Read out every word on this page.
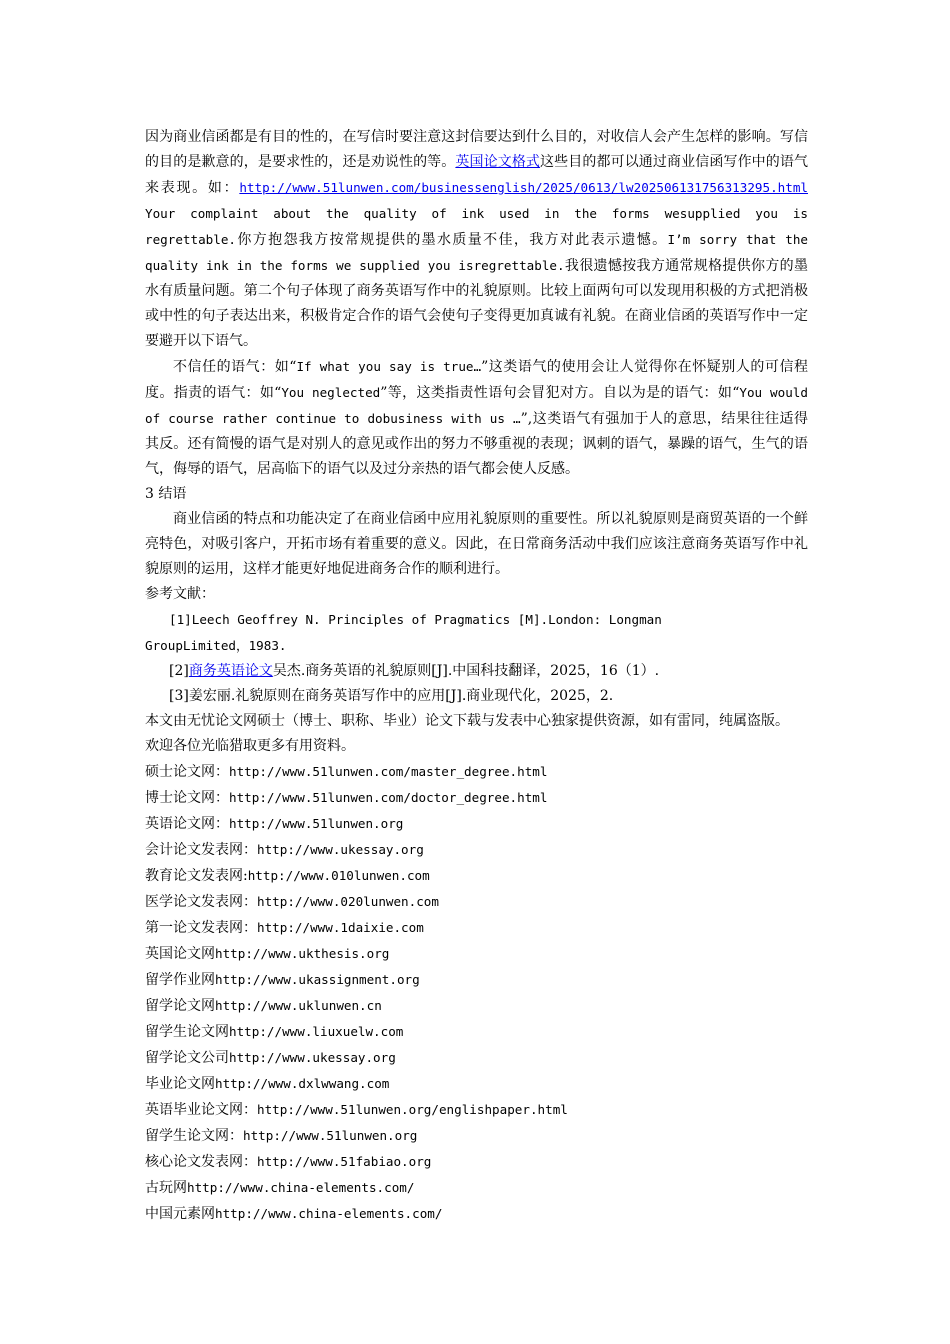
因为商业信函都是有目的性的，在写信时要注意这封信要达到什么目的，对收信人会产生怎样的影响。写信的目的是歉意的，是要求性的，还是劝说性的等。英国论文格式这些目的都可以通过商业信函写作中的语气来表现。如：http://www.51lunwen.com/businessenglish/2025/0613/lw202506131756313295.html Your complaint about the quality of ink used in the forms wesupplied you is regrettable.你方抱怨我方按常规提供的墨水质量不佳，我方对此表示遗憾。I’m sorry that the quality ink in the forms we supplied you isregrettable.我很遗憾按我方通常规格提供你方的墨水有质量问题。第二个句子体现了商务英语写作中的礼貌原则。比较上面两句可以发现用积极的方式把消极或中性的句子表达出来，积极肯定合作的语气会使句子变得更加真诚有礼貌。在商业信函的英语写作中一定要避开以下语气。

不信任的语气：如“If what you say is true…”这类语气的使用会让人觉得你在怀疑别人的可信程度。指责的语气：如“You neglected”等，这类指责性语句会冒犯对方。自以为是的语气：如“You would of course rather continue to dobusiness with us …”,这类语气有强加于人的意思，结果往往适得其反。还有简慢的语气是对别人的意见或作出的努力不够重视的表现；讽刺的语气，暴躁的语气，生气的语气，侮辱的语气，居高临下的语气以及过分亲热的语气都会使人反感。

3 结语

商业信函的特点和功能决定了在商业信函中应用礼貌原则的重要性。所以礼貌原则是商贸英语的一个鲜亮特色，对吸引客户，开拓市场有着重要的意义。因此，在日常商务活动中我们应该注意商务英语写作中礼貌原则的运用，这样才能更好地促进商务合作的顺利进行。

参考文献：

[1]Leech Geoffrey N. Principles of Pragmatics [M].London: Longman

GroupLimited，1983.

[2]商务英语论文吴杰.商务英语的礼貌原则[J].中国科技翻译，2025，16（1）.

[3]姜宏丽.礼貌原则在商务英语写作中的应用[J].商业现代化，2025，2.

本文由无忧论文网硕士（博士、职称、毕业）论文下载与发表中心独家提供资源，如有雷同，纯属盗版。

欢迎各位光临猎取更多有用资料。

硕士论文网：http://www.51lunwen.com/master_degree.html

博士论文网：http://www.51lunwen.com/doctor_degree.html

英语论文网：http://www.51lunwen.org

会计论文发表网：http://www.ukessay.org

教育论文发表网:http://www.010lunwen.com

医学论文发表网：http://www.020lunwen.com

第一论文发表网：http://www.1daixie.com

英国论文网http://www.ukthesis.org

留学作业网http://www.ukassignment.org

留学论文网http://www.uklunwen.cn

留学生论文网http://www.liuxuelw.com

留学论文公司http://www.ukessay.org

毕业论文网http://www.dxlwwang.com

英语毕业论文网：http://www.51lunwen.org/englishpaper.html

留学生论文网：http://www.51lunwen.org

核心论文发表网：http://www.51fabiao.org

古玩网http://www.china-elements.com/

中国元素网http://www.china-elements.com/
